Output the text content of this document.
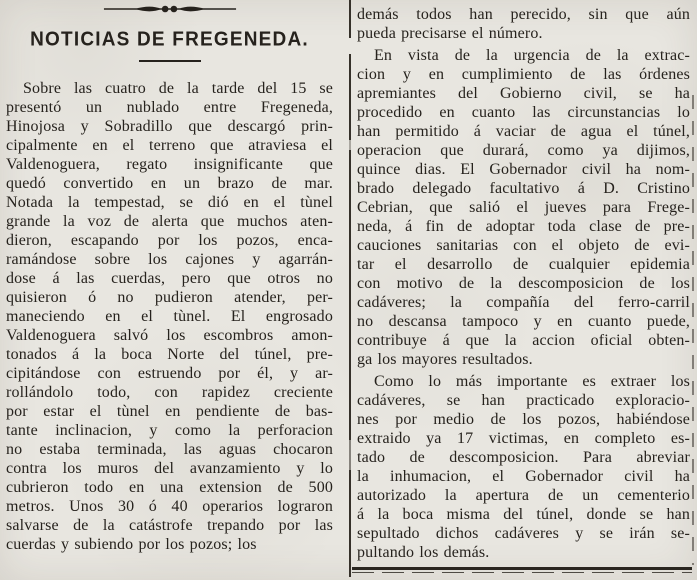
NOTICIAS DE FREGENEDA.
Sobre las cuatro de la tarde del 15 se
presentó un nublado entre Fregeneda,
Hinojosa y Sobradillo que descargó prin-
cipalmente en el terreno que atraviesa el
Valdenoguera, regato insignificante que
quedó convertido en un brazo de mar.
Notada la tempestad, se dió en el tùnel
grande la voz de alerta que muchos aten-
dieron, escapando por los pozos, enca-
ramándose sobre los cajones y agarrán-
dose á las cuerdas, pero que otros no
quisieron ó no pudieron atender, per-
maneciendo en el tùnel. El engrosado
Valdenoguera salvó los escombros amon-
tonados á la boca Norte del túnel, pre-
cipitándose con estruendo por él, y ar-
rollándolo todo, con rapidez creciente
por estar el tùnel en pendiente de bas-
tante inclinacion, y como la perforacion
no estaba terminada, las aguas chocaron
contra los muros del avanzamiento y lo
cubrieron todo en una extension de 500
metros. Unos 30 ó 40 operarios lograron
salvarse de la catástrofe trepando por las
cuerdas y subiendo por los pozos; los
demás todos han perecido, sin que aún
pueda precisarse el número.
En vista de la urgencia de la extrac-
cion y en cumplimiento de las órdenes
apremiantes del Gobierno civil, se ha
procedido en cuanto las circunstancias lo
han permitido á vaciar de agua el túnel,
operacion que durará, como ya dijimos,
quince dias. El Gobernador civil ha nom-
brado delegado facultativo á D. Cristino
Cebrian, que salió el jueves para Frege-
neda, á fin de adoptar toda clase de pre-
cauciones sanitarias con el objeto de evi-
tar el desarrollo de cualquier epidemia
con motivo de la descomposicion de los
cadáveres; la compañía del ferro-carril
no descansa tampoco y en cuanto puede,
contribuye á que la accion oficial obten-
ga los mayores resultados.
Como lo más importante es extraer los
cadáveres, se han practicado exploracio-
nes por medio de los pozos, habiéndose
extraido ya 17 victimas, en completo es-
tado de descomposicion. Para abreviar
la inhumacion, el Gobernador civil ha
autorizado la apertura de un cementerio
á la boca misma del túnel, donde se han
sepultado dichos cadáveres y se irán se-
pultando los demás.
